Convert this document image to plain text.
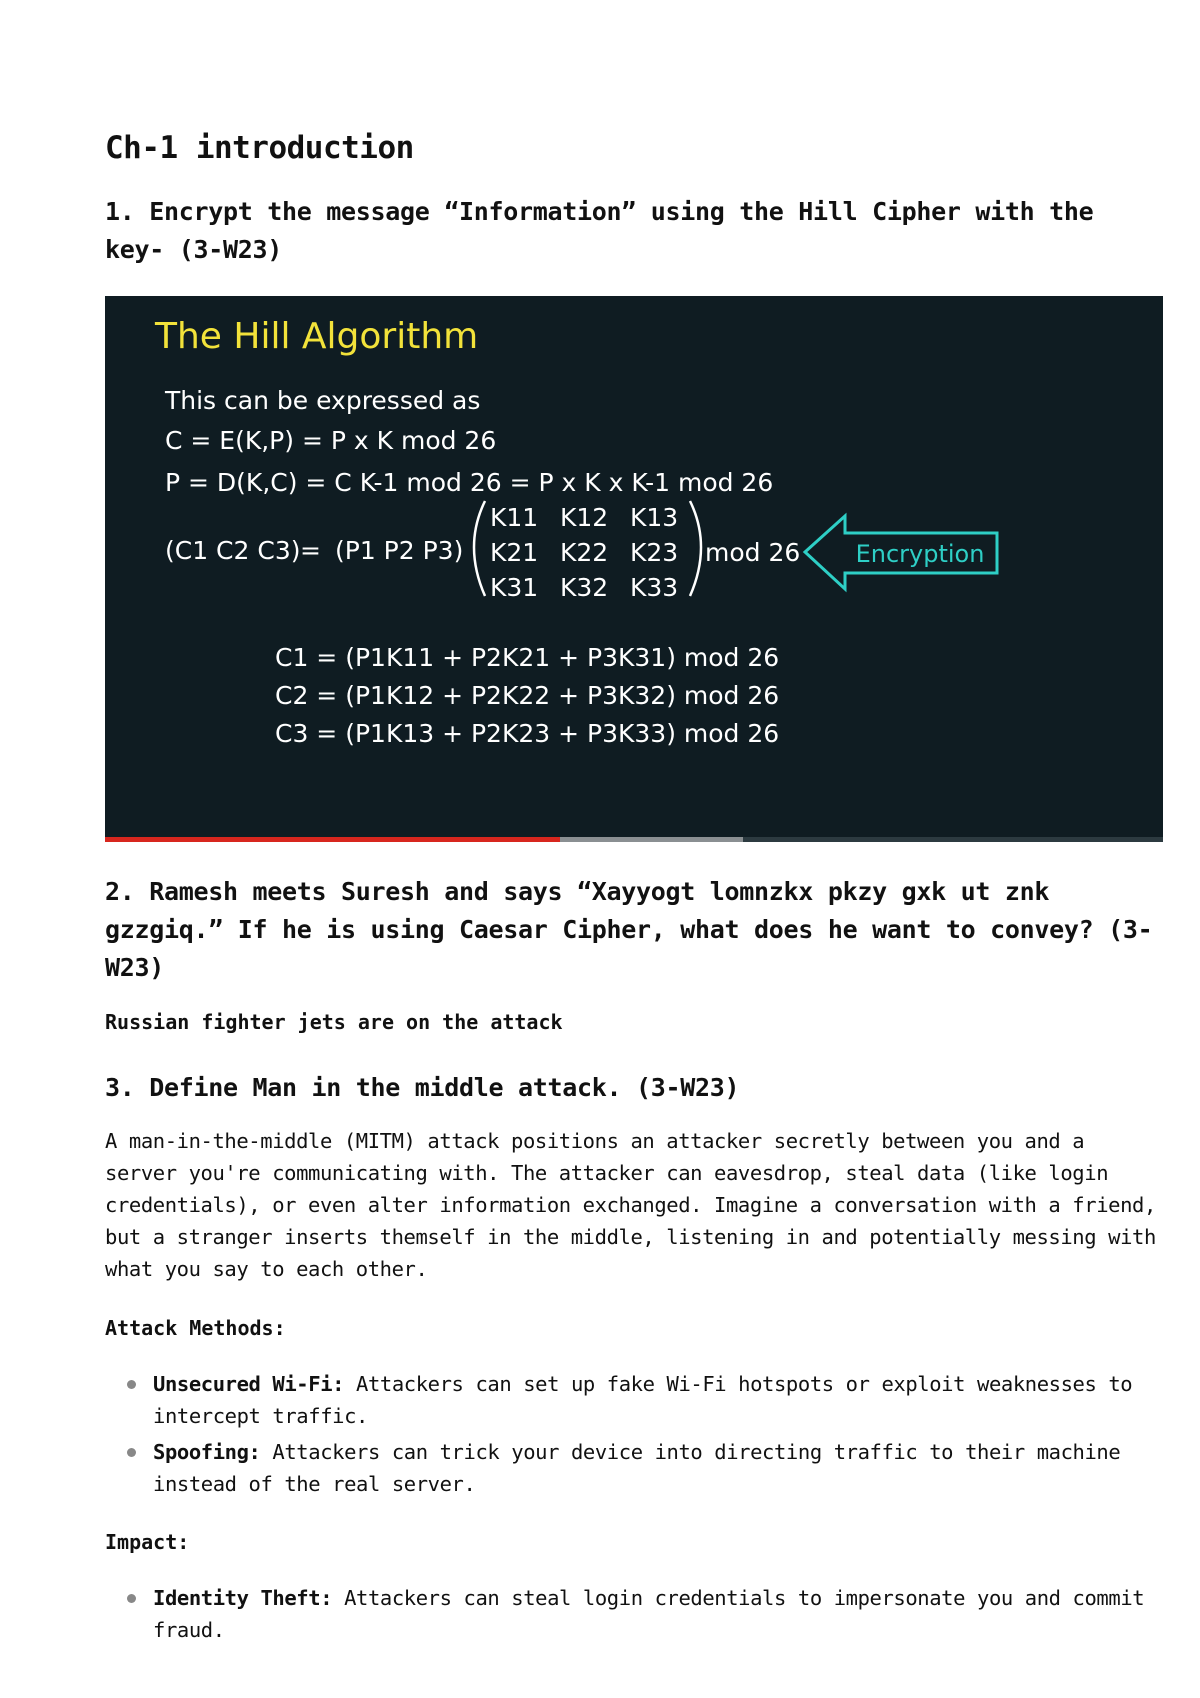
Ch-1 introduction

1. Encrypt the message “Information” using the Hill Cipher with the key- (3-W23)

2. Ramesh meets Suresh and says “Xayyogt lomnzkx pkzy gxk ut znk gzzgiq.” If he is using Caesar Cipher, what does he want to convey? (3-W23)

Russian fighter jets are on the attack

3. Define Man in the middle attack. (3-W23)

A man-in-the-middle (MITM) attack positions an attacker secretly between you and a server you're communicating with. The attacker can eavesdrop, steal data (like login credentials), or even alter information exchanged. Imagine a conversation with a friend, but a stranger inserts themself in the middle, listening in and potentially messing with what you say to each other.

Attack Methods:

Unsecured Wi-Fi: Attackers can set up fake Wi-Fi hotspots or exploit weaknesses to intercept traffic.
Spoofing: Attackers can trick your device into directing traffic to their machine instead of the real server.

Impact:

Identity Theft: Attackers can steal login credentials to impersonate you and commit fraud.

The Hill Algorithm

This can be expressed as

C = E(K,P) = P x K mod 26

P = D(K,C) = C K-1 mod 26 = P x K x K-1 mod 26

(C1 C2 C3) = (P1 P2 P3)
K11 K12 K13
K21 K22 K23
K31 K32 K33
mod 26 Encryption
C1 = (P1K11 + P2K21 + P3K31) mod 26
C2 = (P1K12 + P2K22 + P3K32) mod 26
C3 = (P1K13 + P2K23 + P3K33) mod 26
